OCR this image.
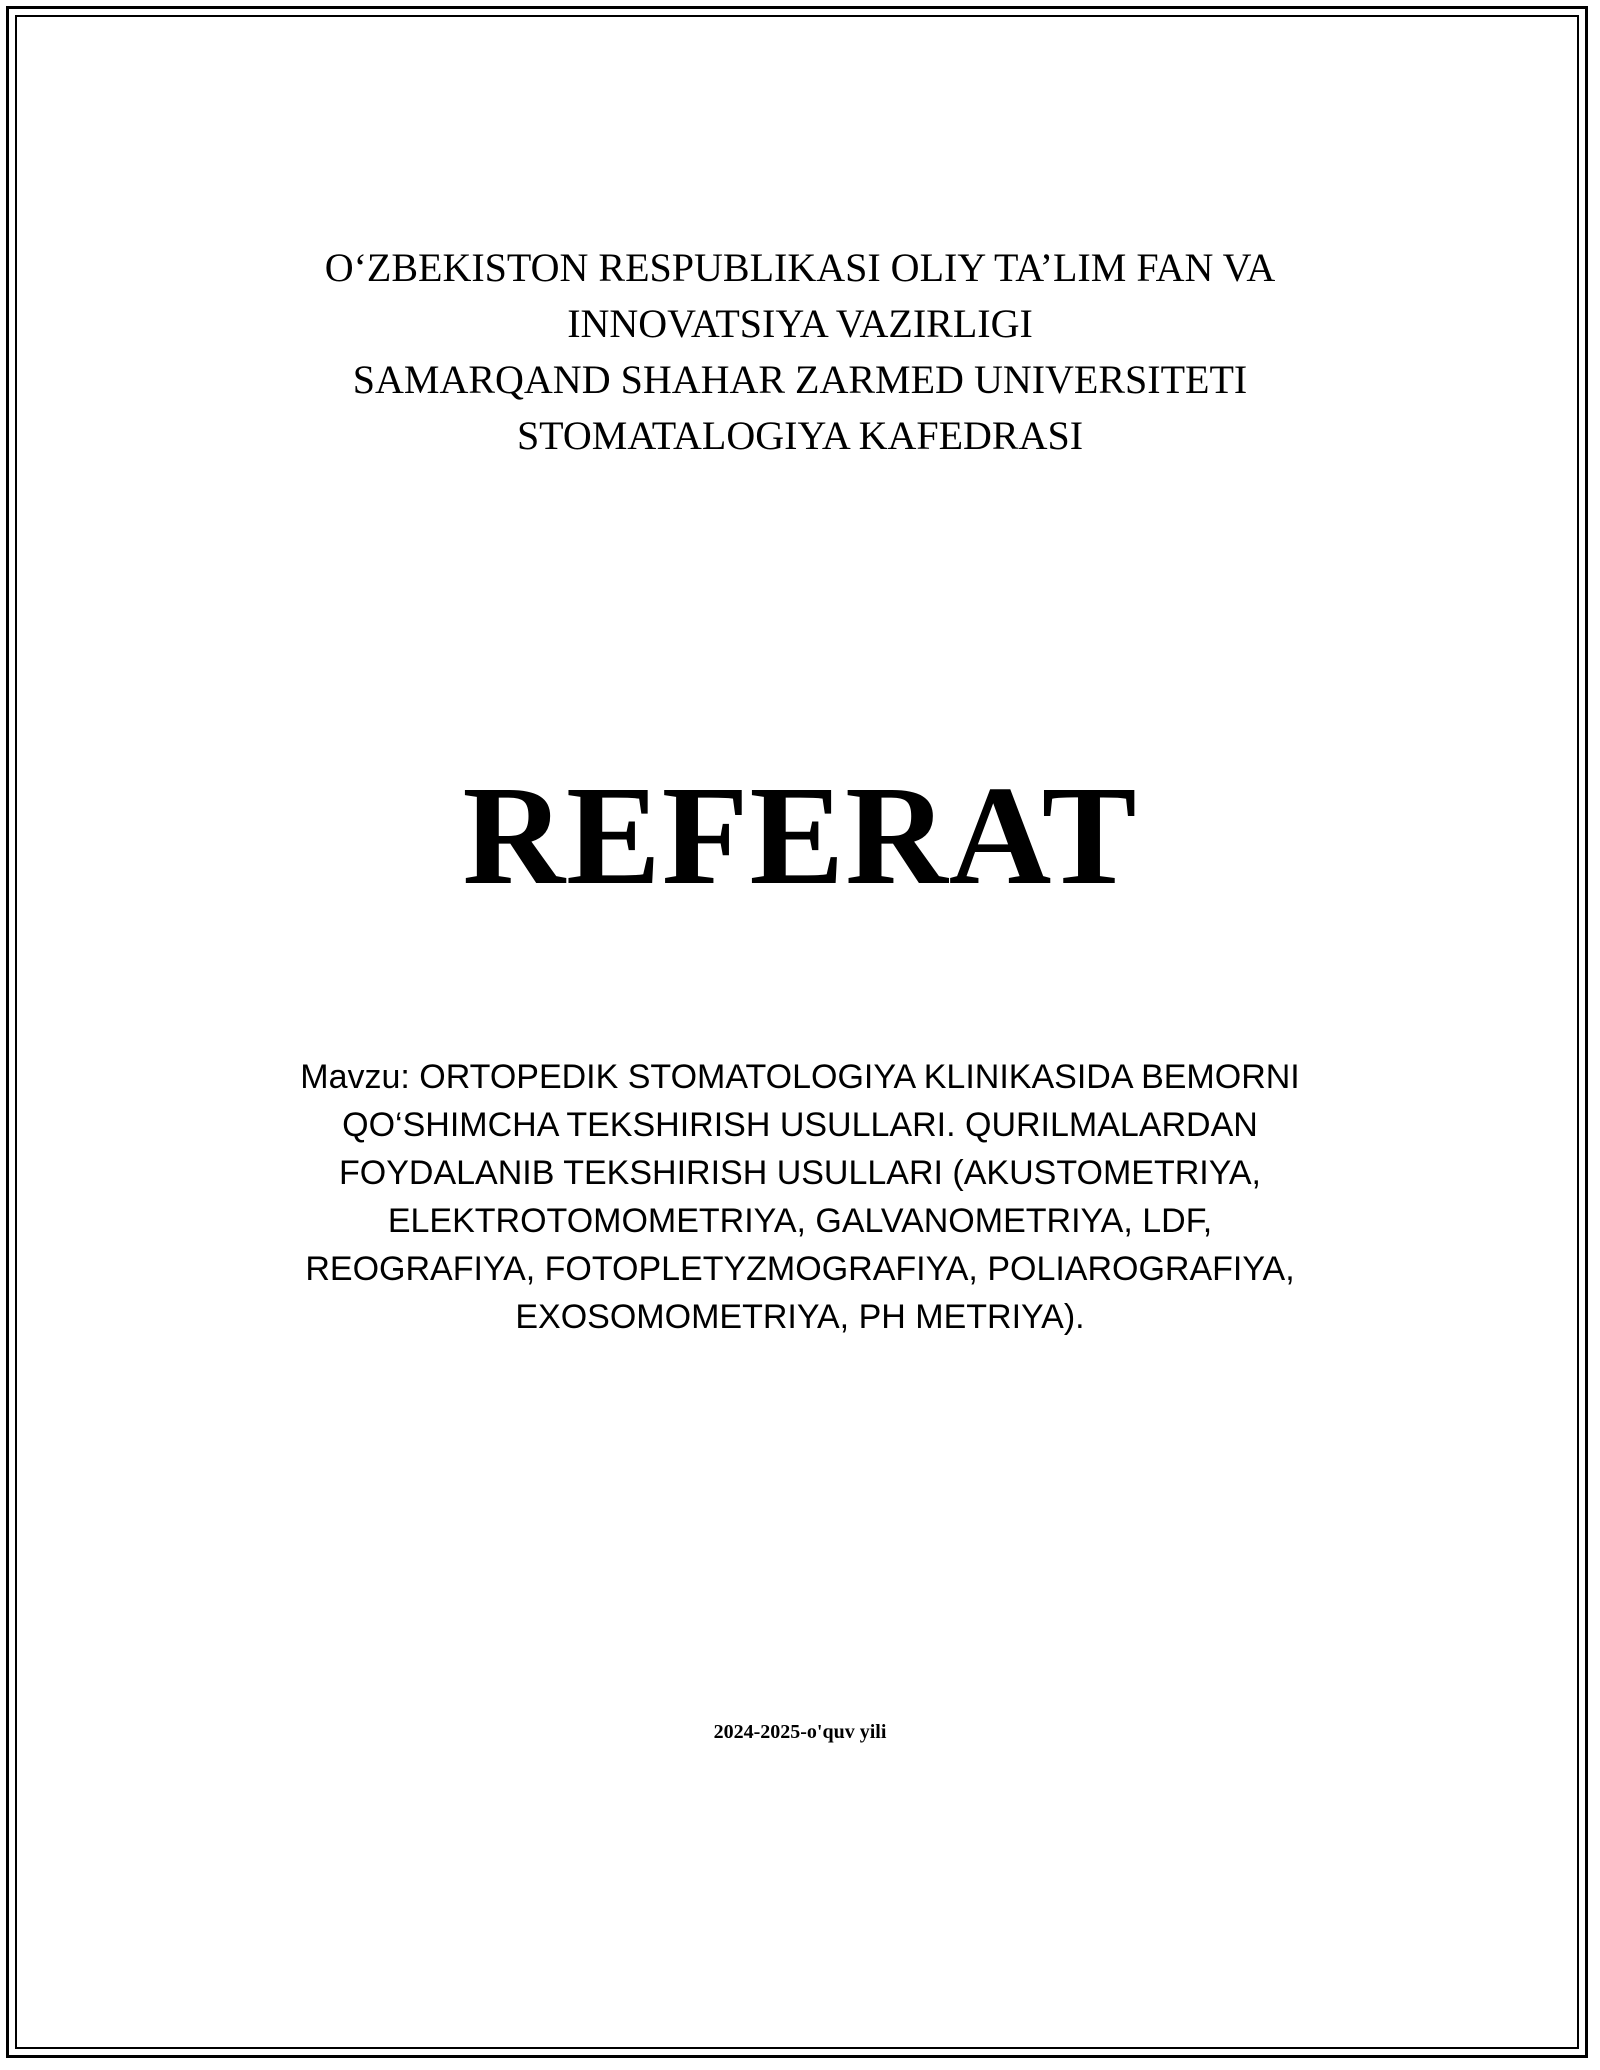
O‘ZBEKISTON RESPUBLIKASI OLIY TA’LIM FAN VA
INNOVATSIYA VAZIRLIGI
SAMARQAND SHAHAR ZARMED UNIVERSITETI
STOMATALOGIYA KAFEDRASI
REFERAT
Mavzu: ORTOPEDIK STOMATOLOGIYA KLINIKASIDA BEMORNI
QO‘SHIMCHA TEKSHIRISH USULLARI. QURILMALARDAN
FOYDALANIB TEKSHIRISH USULLARI (AKUSTOMETRIYA,
ELEKTROTOMOMETRIYA, GALVANOMETRIYA, LDF,
REOGRAFIYA, FOTOPLETYZMOGRAFIYA, POLIAROGRAFIYA,
EXOSOMOMETRIYA, PH METRIYA).
2024-2025-o'quv yili
